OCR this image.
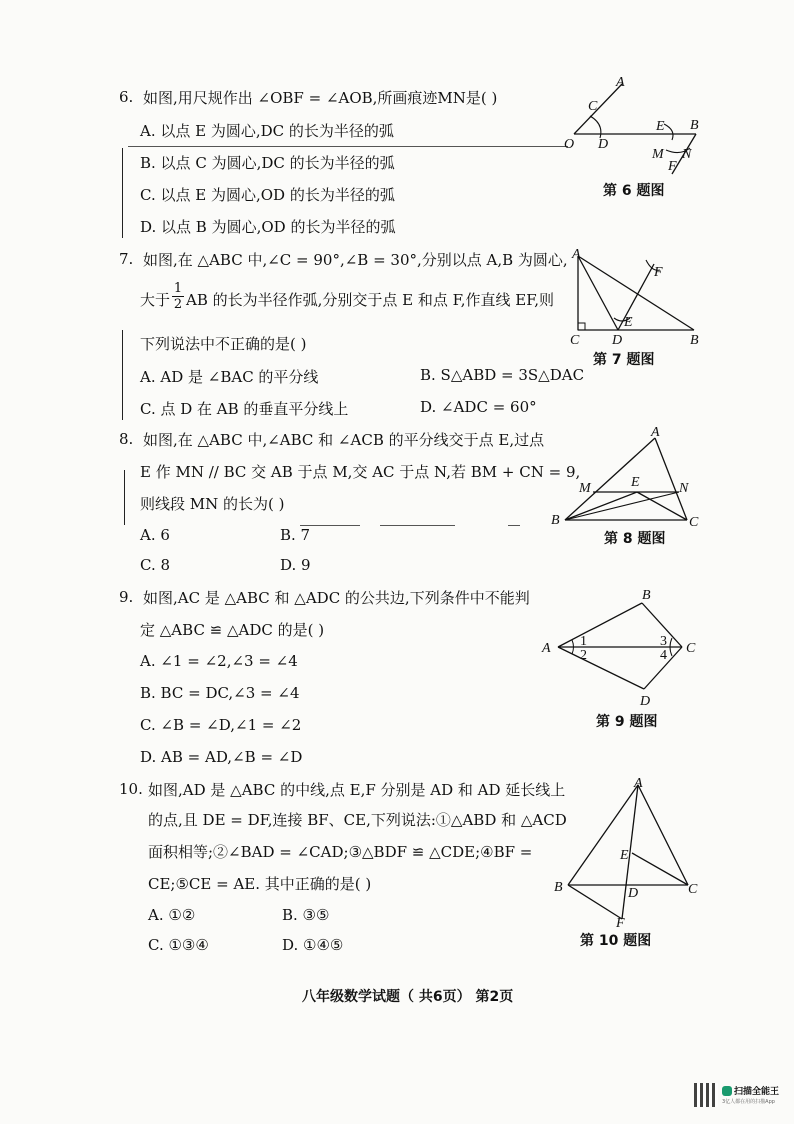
6. 如图,用尺规作出 ∠OBF = ∠AOB,所画痕迹MN是( )
A. 以点 E 为圆心,DC 的长为半径的弧
B. 以点 C 为圆心,DC 的长为半径的弧
C. 以点 E 为圆心,OD 的长为半径的弧
D. 以点 B 为圆心,OD 的长为半径的弧
A
C
O D
E B
M N
F
第 6 题图
7. 如图,在 △ABC 中,∠C = 90°,∠B = 30°,分别以点 A,B 为圆心,
大于 $\frac{1}{2}$ AB 的长为半径作弧,分别交于点 E 和点 F,作直线 EF,则
下列说法中不正确的是( )
A. AD 是 ∠BAC 的平分线	B. S△ABD = 3S△DAC
C. 点 D 在 AB 的垂直平分线上	D. ∠ADC = 60°
A
F
E
C D	B
第 7 题图
8. 如图,在 △ABC 中,∠ABC 和 ∠ACB 的平分线交于点 E,过点
E 作 MN // BC 交 AB 于点 M,交 AC 于点 N,若 BM + CN = 9,
则线段 MN 的长为( )
A. 6	B. 7
C. 8	D. 9
A
M	E	N
B	C
第 8 题图
9. 如图,AC 是 △ABC 和 △ADC 的公共边,下列条件中不能判
定 △ABC ≌ △ADC 的是( )
A. ∠1 = ∠2,∠3 = ∠4
B. BC = DC,∠3 = ∠4
C. ∠B = ∠D,∠1 = ∠2
D. AB = AD,∠B = ∠D
B
A	C
D
1
2
3
4
第 9 题图
10. 如图,AD 是 △ABC 的中线,点 E,F 分别是 AD 和 AD 延长线上
的点,且 DE = DF,连接 BF、CE,下列说法:①△ABD 和 △ACD
面积相等;②∠BAD = ∠CAD;③△BDF ≌ △CDE;④BF =
CE;⑤CE = AE. 其中正确的是( )
A. ①②	B. ③⑤
C. ①③④	D. ①④⑤
A
E
B	D	C
F
第 10 题图
八年级数学试题（ 共6页） 第2页
扫描全能王
3亿人都在用的扫描App
